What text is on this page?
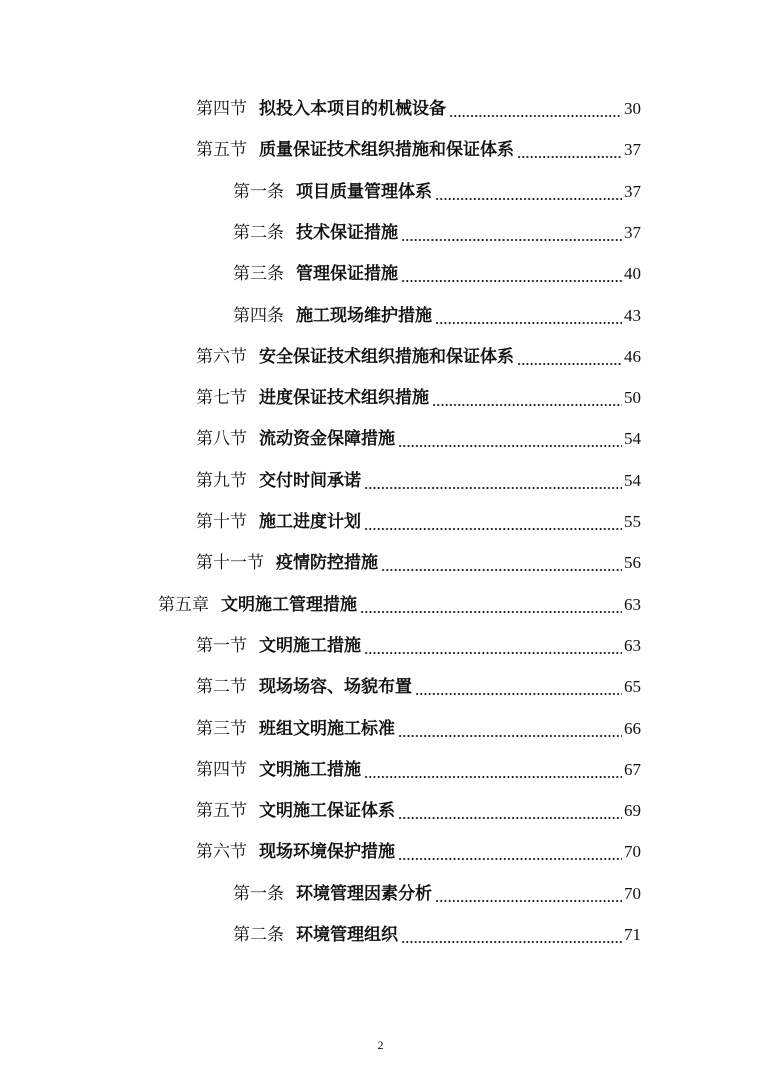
第四节 拟投入本项目的机械设备	30
第五节 质量保证技术组织措施和保证体系	37
第一条 项目质量管理体系	37
第二条 技术保证措施	37
第三条 管理保证措施	40
第四条 施工现场维护措施	43
第六节 安全保证技术组织措施和保证体系	46
第七节 进度保证技术组织措施	50
第八节 流动资金保障措施	54
第九节 交付时间承诺	54
第十节 施工进度计划	55
第十一节 疫情防控措施	56
第五章 文明施工管理措施	63
第一节 文明施工措施	63
第二节 现场场容、场貌布置	65
第三节 班组文明施工标准	66
第四节 文明施工措施	67
第五节 文明施工保证体系	69
第六节 现场环境保护措施	70
第一条 环境管理因素分析	70
第二条 环境管理组织	71
2
